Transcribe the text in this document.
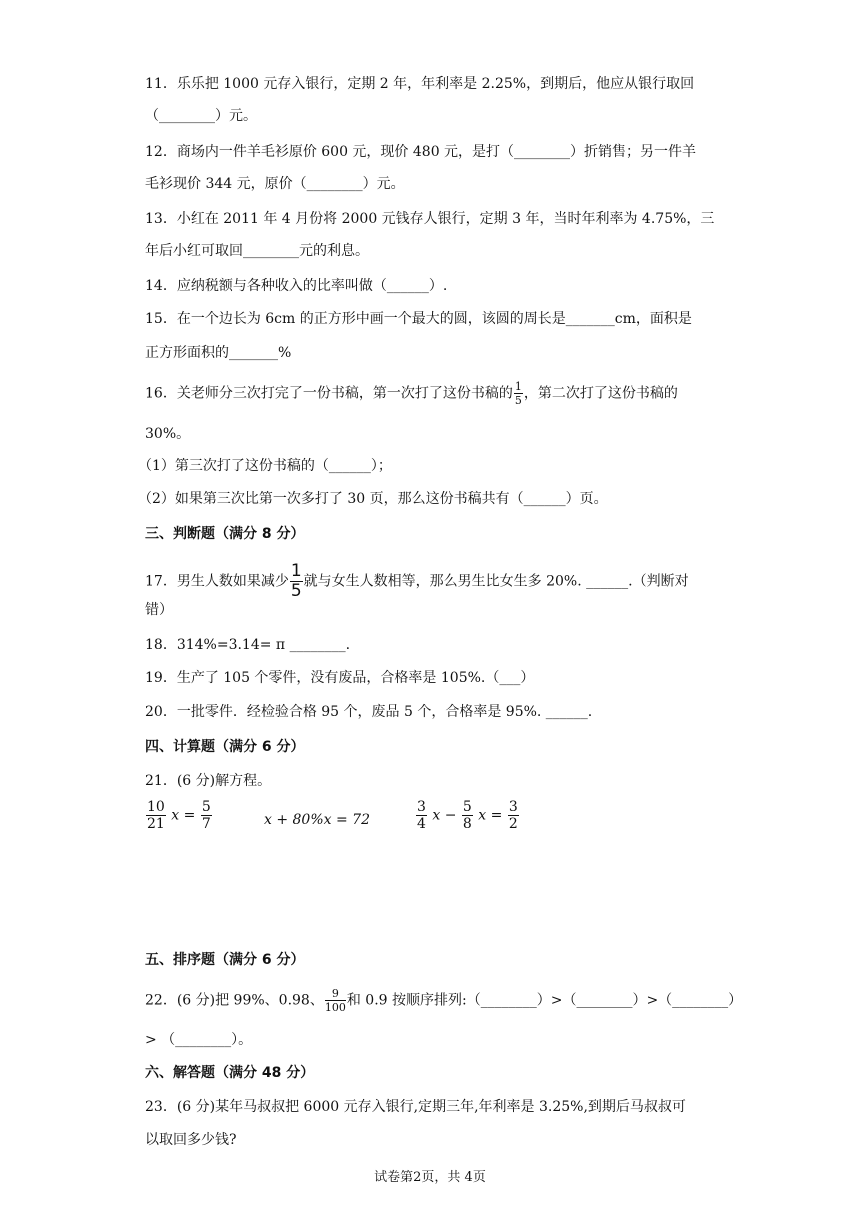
11．乐乐把 1000 元存入银行，定期 2 年，年利率是 2.25%，到期后，他应从银行取回
（________）元。
12．商场内一件羊毛衫原价 600 元，现价 480 元，是打（________）折销售；另一件羊
毛衫现价 344 元，原价（________）元。
13．小红在 2011 年 4 月份将 2000 元钱存人银行，定期 3 年，当时年利率为 4.75%，三
年后小红可取回________元的利息。
14．应纳税额与各种收入的比率叫做（______）.
15．在一个边长为 6cm 的正方形中画一个最大的圆，该圆的周长是_______cm，面积是
正方形面积的_______%
16．关老师分三次打完了一份书稿，第一次打了这份书稿的 $\frac{1}{5}$ ，第二次打了这份书稿的
30%。
（1）第三次打了这份书稿的（______）；
（2）如果第三次比第一次多打了 30 页，那么这份书稿共有（______）页。
三、判断题（满分 8 分）
17．男生人数如果减少 $\frac{1}{5}$ 就与女生人数相等，那么男生比女生多 20%. ______.（判断对
错）
18．314%=3.14= π ________.
19．生产了 105 个零件，没有废品，合格率是 105%.（___）
20．一批零件．经检验合格 95 个，废品 5 个，合格率是 95%. ______.
四、计算题（满分 6 分）
21．(6 分)解方程。
$\frac{10}{21}$ $x = \frac{5}{7}$	x + 80%x = 72	$\frac{3}{4}$ $x - \frac{5}{8}$ $x = \frac{3}{2}$
五、排序题（满分 6 分）
22．(6 分)把 99%、0.98、 $\frac{9}{100}$ 和 0.9 按顺序排列:（________）>（________）>（________）
> （________）。
六、解答题（满分 48 分）
23．(6 分)某年马叔叔把 6000 元存入银行,定期三年,年利率是 3.25%,到期后马叔叔可
以取回多少钱?
试卷第2页，共 4页
